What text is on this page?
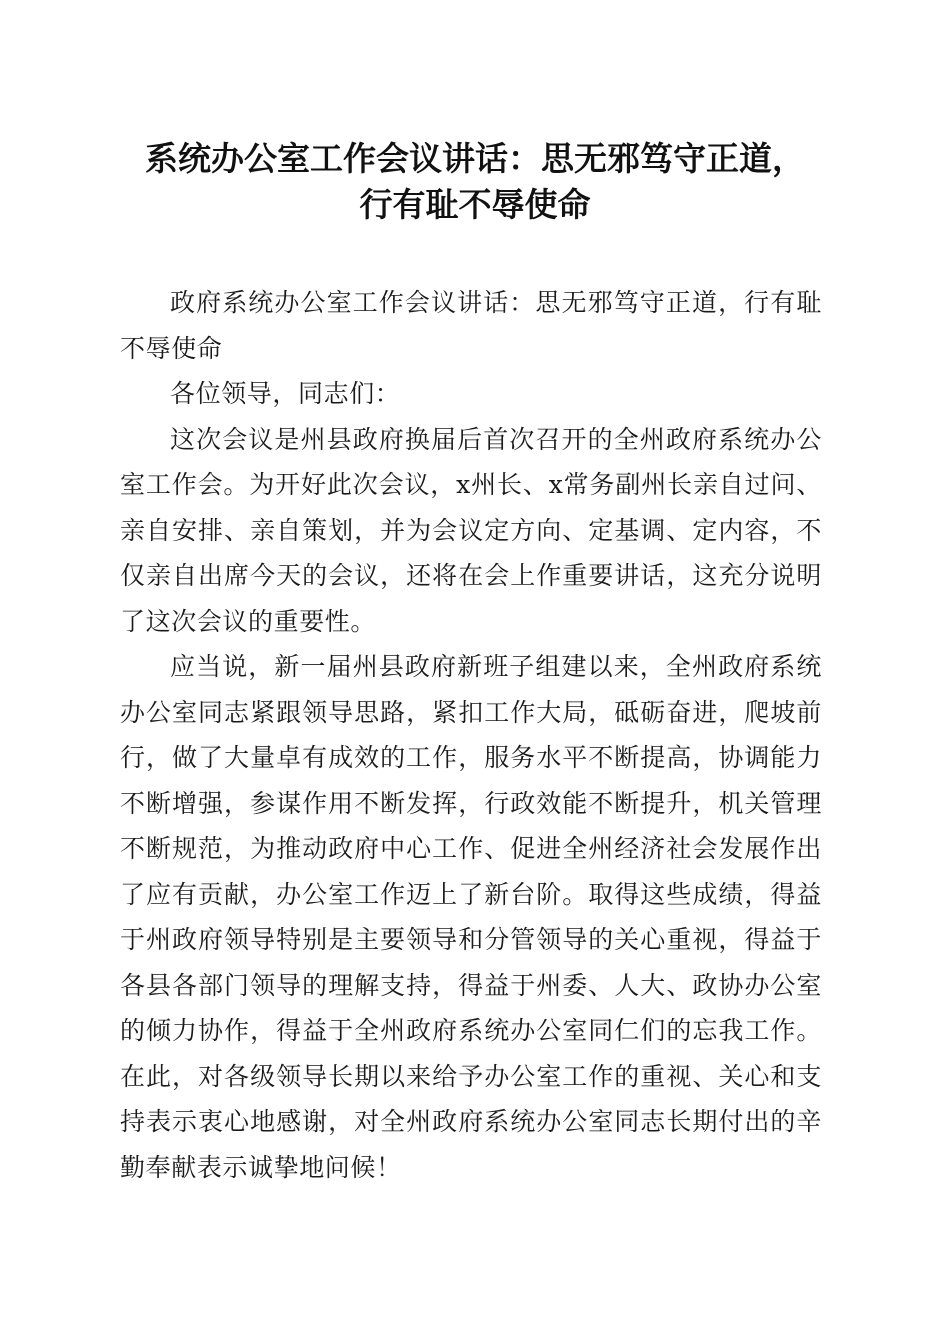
系统办公室工作会议讲话：思无邪笃守正道，
行有耻不辱使命

政府系统办公室工作会议讲话：思无邪笃守正道，行有耻
不辱使命

各位领导，同志们：

这次会议是州县政府换届后首次召开的全州政府系统办公
室工作会。为开好此次会议，x州长、x常务副州长亲自过问、
亲自安排、亲自策划，并为会议定方向、定基调、定内容，不
仅亲自出席今天的会议，还将在会上作重要讲话，这充分说明
了这次会议的重要性。

应当说，新一届州县政府新班子组建以来，全州政府系统
办公室同志紧跟领导思路，紧扣工作大局，砥砺奋进，爬坡前
行，做了大量卓有成效的工作，服务水平不断提高，协调能力
不断增强，参谋作用不断发挥，行政效能不断提升，机关管理
不断规范，为推动政府中心工作、促进全州经济社会发展作出
了应有贡献，办公室工作迈上了新台阶。取得这些成绩，得益
于州政府领导特别是主要领导和分管领导的关心重视，得益于
各县各部门领导的理解支持，得益于州委、人大、政协办公室
的倾力协作，得益于全州政府系统办公室同仁们的忘我工作。
在此，对各级领导长期以来给予办公室工作的重视、关心和支
持表示衷心地感谢，对全州政府系统办公室同志长期付出的辛
勤奉献表示诚挚地问候！
